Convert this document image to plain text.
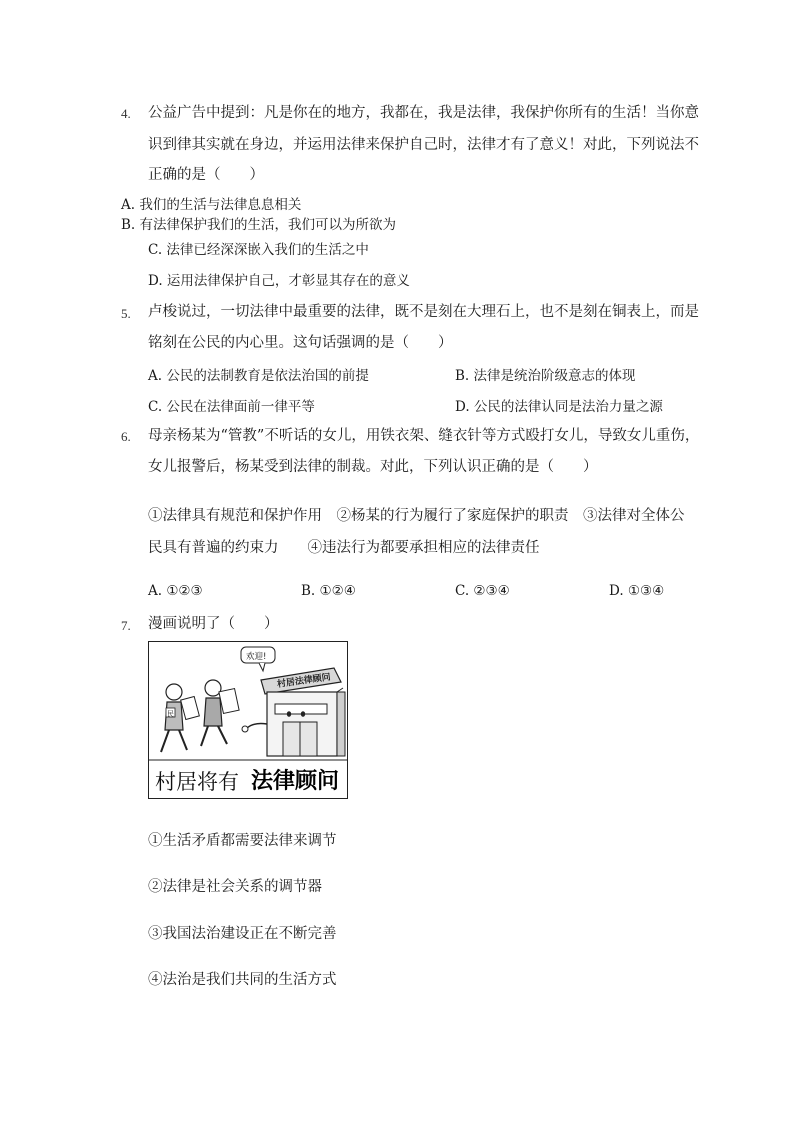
4. 公益广告中提到：凡是你在的地方，我都在，我是法律，我保护你所有的生活！当你意
识到律其实就在身边，并运用法律来保护自己时，法律才有了意义！对此，下列说法不
正确的是（　　）
A. 我们的生活与法律息息相关
B. 有法律保护我们的生活，我们可以为所欲为
C. 法律已经深深嵌入我们的生活之中
D. 运用法律保护自己，才彰显其存在的意义
5. 卢梭说过，一切法律中最重要的法律，既不是刻在大理石上，也不是刻在铜表上，而是
铭刻在公民的内心里。这句话强调的是（　　）
A. 公民的法制教育是依法治国的前提	B. 法律是统治阶级意志的体现
C. 公民在法律面前一律平等	D. 公民的法律认同是法治力量之源
6. 母亲杨某为“管教”不听话的女儿，用铁衣架、缝衣针等方式殴打女儿，导致女儿重伤，
女儿报警后，杨某受到法律的制裁。对此，下列认识正确的是（　　）
①法律具有规范和保护作用　②杨某的行为履行了家庭保护的职责　③法律对全体公
民具有普遍的约束力　　④违法行为都要承担相应的法律责任
A. ①②③	B. ①②④	C. ②③④	D. ①③④
7. 漫画说明了（　　）
村居法律顾问
欢迎!
民
村居将有 法律顾问
①生活矛盾都需要法律来调节
②法律是社会关系的调节器
③我国法治建设正在不断完善
④法治是我们共同的生活方式
